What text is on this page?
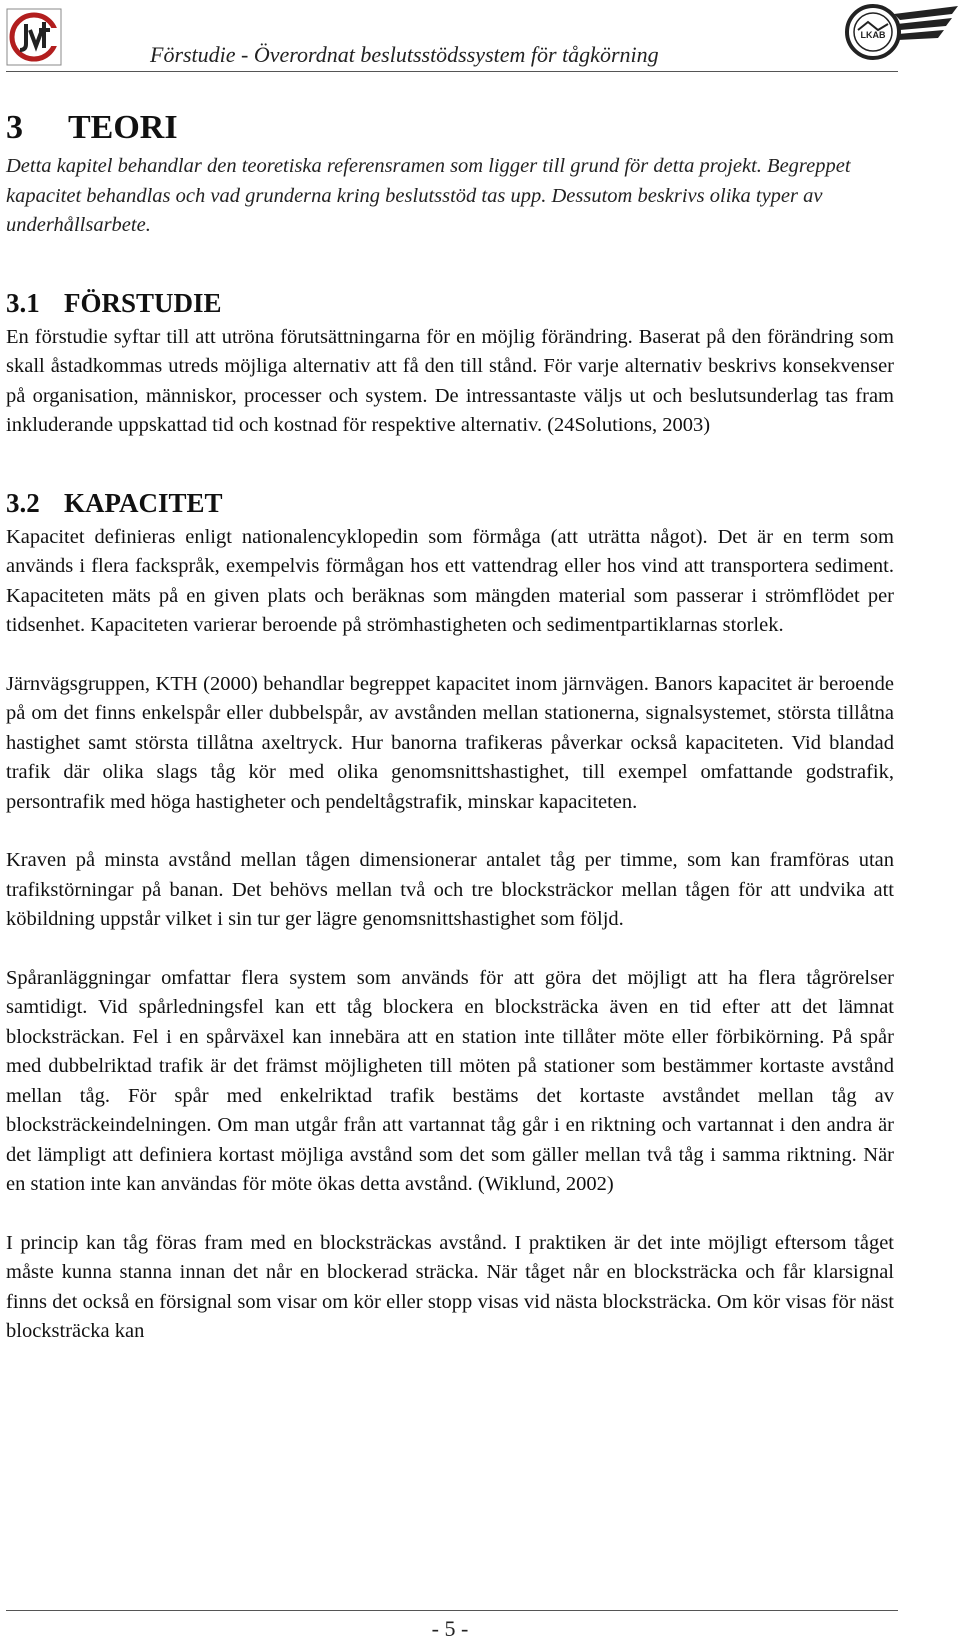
LKAB
Förstudie - Överordnat beslutsstödssystem för tågkörning
3 TEORI

Detta kapitel behandlar den teoretiska referensramen som ligger till grund för detta projekt. Begreppet kapacitet behandlas och vad grunderna kring beslutsstöd tas upp. Dessutom beskrivs olika typer av underhållsarbete.

3.1 FÖRSTUDIE

En förstudie syftar till att utröna förutsättningarna för en möjlig förändring. Baserat på den förändring som skall åstadkommas utreds möjliga alternativ att få den till stånd. För varje alternativ beskrivs konsekvenser på organisation, människor, processer och system. De intressantaste väljs ut och beslutsunderlag tas fram inkluderande uppskattad tid och kostnad för respektive alternativ. (24Solutions, 2003)

3.2 KAPACITET

Kapacitet definieras enligt nationalencyklopedin som förmåga (att uträtta något). Det är en term som används i flera fackspråk, exempelvis förmågan hos ett vattendrag eller hos vind att transportera sediment. Kapaciteten mäts på en given plats och beräknas som mängden material som passerar i strömflödet per tidsenhet. Kapaciteten varierar beroende på strömhastigheten och sedimentpartiklarnas storlek.

Järnvägsgruppen, KTH (2000) behandlar begreppet kapacitet inom järnvägen. Banors kapacitet är beroende på om det finns enkelspår eller dubbelspår, av avstånden mellan stationerna, signalsystemet, största tillåtna hastighet samt största tillåtna axeltryck. Hur banorna trafikeras påverkar också kapaciteten. Vid blandad trafik där olika slags tåg kör med olika genomsnittshastighet, till exempel omfattande godstrafik, persontrafik med höga hastigheter och pendeltågstrafik, minskar kapaciteten.

Kraven på minsta avstånd mellan tågen dimensionerar antalet tåg per timme, som kan framföras utan trafikstörningar på banan. Det behövs mellan två och tre blocksträckor mellan tågen för att undvika att köbildning uppstår vilket i sin tur ger lägre genomsnittshastighet som följd.

Spåranläggningar omfattar flera system som används för att göra det möjligt att ha flera tågrörelser samtidigt. Vid spårledningsfel kan ett tåg blockera en blocksträcka även en tid efter att det lämnat blocksträckan. Fel i en spårväxel kan innebära att en station inte tillåter möte eller förbikörning. På spår med dubbelriktad trafik är det främst möjligheten till möten på stationer som bestämmer kortaste avstånd mellan tåg. För spår med enkelriktad trafik bestäms det kortaste avståndet mellan tåg av blocksträckeindelningen. Om man utgår från att vartannat tåg går i en riktning och vartannat i den andra är det lämpligt att definiera kortast möjliga avstånd som det som gäller mellan två tåg i samma riktning. När en station inte kan användas för möte ökas detta avstånd. (Wiklund, 2002)

I princip kan tåg föras fram med en blocksträckas avstånd. I praktiken är det inte möjligt eftersom tåget måste kunna stanna innan det når en blockerad sträcka. När tåget når en blocksträcka och får klarsignal finns det också en försignal som visar om kör eller stopp visas vid nästa blocksträcka. Om kör visas för näst blocksträcka kan

- 5 -
